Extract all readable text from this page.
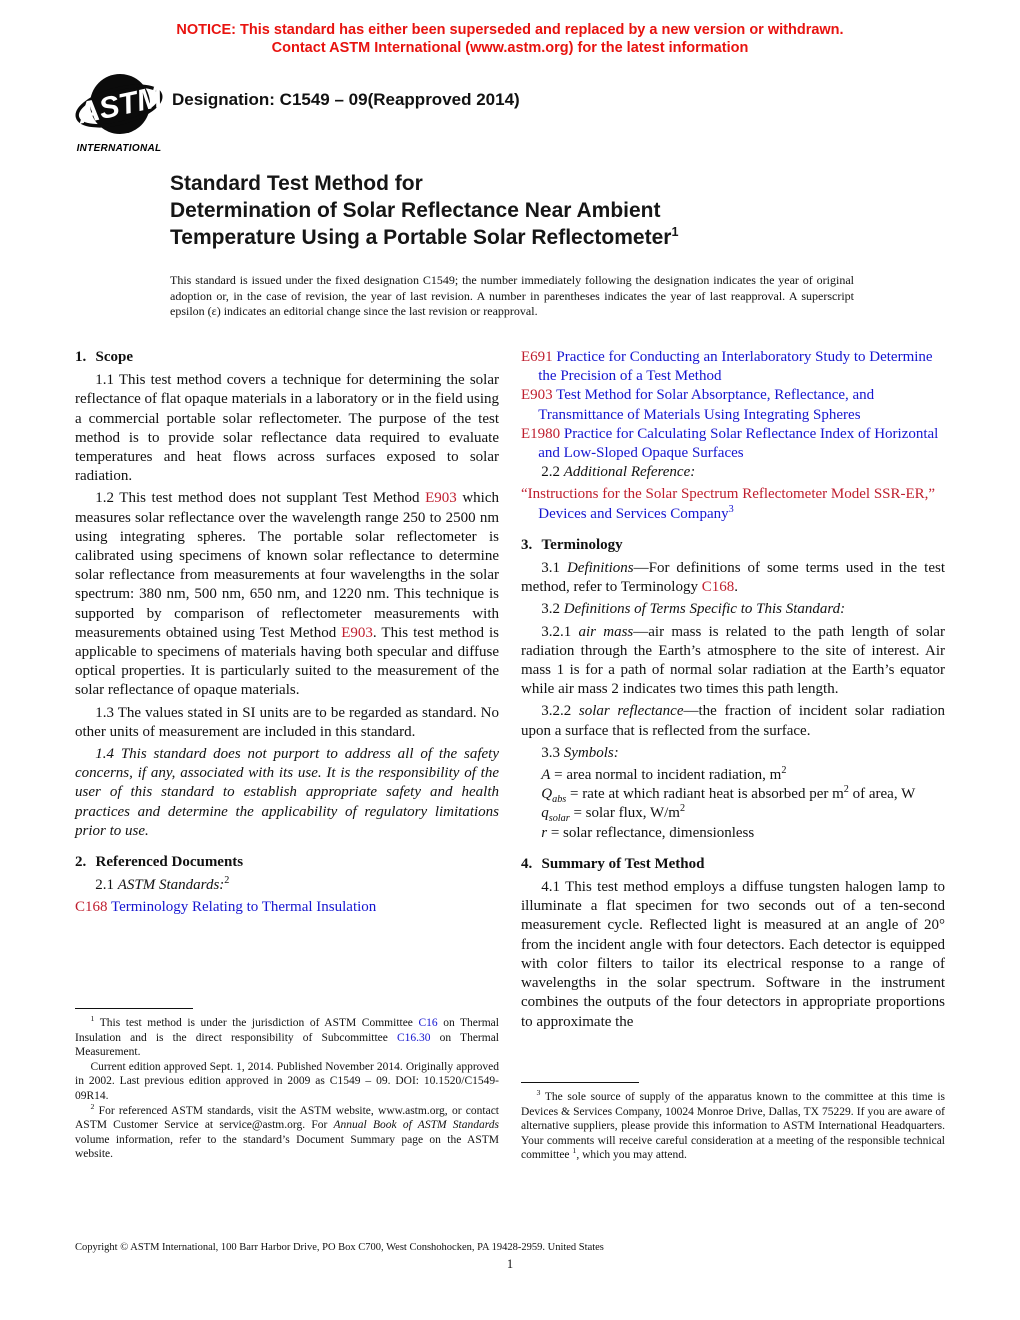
NOTICE: This standard has either been superseded and replaced by a new version or withdrawn.
Contact ASTM International (www.astm.org) for the latest information
ASTM
INTERNATIONAL
Designation: C1549 – 09(Reapproved 2014)
Standard Test Method for
Determination of Solar Reflectance Near Ambient
Temperature Using a Portable Solar Reflectometer$^1$
This standard is issued under the fixed designation C1549; the number immediately following the designation indicates the year of original adoption or, in the case of revision, the year of last revision. A number in parentheses indicates the year of last reapproval. A superscript epsilon (ε) indicates an editorial change since the last revision or reapproval.
1. Scope

1.1 This test method covers a technique for determining the solar reflectance of flat opaque materials in a laboratory or in the field using a commercial portable solar reflectometer. The purpose of the test method is to provide solar reflectance data required to evaluate temperatures and heat flows across surfaces exposed to solar radiation.

1.2 This test method does not supplant Test Method E903 which measures solar reflectance over the wavelength range 250 to 2500 nm using integrating spheres. The portable solar reflectometer is calibrated using specimens of known solar reflectance to determine solar reflectance from measurements at four wavelengths in the solar spectrum: 380 nm, 500 nm, 650 nm, and 1220 nm. This technique is supported by comparison of reflectometer measurements with measurements obtained using Test Method E903. This test method is applicable to specimens of materials having both specular and diffuse optical properties. It is particularly suited to the measurement of the solar reflectance of opaque materials.

1.3 The values stated in SI units are to be regarded as standard. No other units of measurement are included in this standard.

1.4 This standard does not purport to address all of the safety concerns, if any, associated with its use. It is the responsibility of the user of this standard to establish appropriate safety and health practices and determine the applicability of regulatory limitations prior to use.

2. Referenced Documents

2.1 ASTM Standards:$^2$

C168 Terminology Relating to Thermal Insulation

E691 Practice for Conducting an Interlaboratory Study to Determine the Precision of a Test Method

E903 Test Method for Solar Absorptance, Reflectance, and Transmittance of Materials Using Integrating Spheres

E1980 Practice for Calculating Solar Reflectance Index of Horizontal and Low-Sloped Opaque Surfaces

2.2 Additional Reference:

“Instructions for the Solar Spectrum Reflectometer Model SSR-ER,” Devices and Services Company$^3$

3. Terminology

3.1 Definitions—For definitions of some terms used in the test method, refer to Terminology C168.

3.2 Definitions of Terms Specific to This Standard:

3.2.1 air mass—air mass is related to the path length of solar radiation through the Earth’s atmosphere to the site of interest. Air mass 1 is for a path of normal solar radiation at the Earth’s equator while air mass 2 indicates two times this path length.

3.2.2 solar reflectance—the fraction of incident solar radiation upon a surface that is reflected from the surface.

3.3 Symbols:

A = area normal to incident radiation, $m^2$

$Q_{abs}$ = rate at which radiant heat is absorbed per $m^2$ of area, W

$q_{solar}$ = solar flux, $W/m^2$

r = solar reflectance, dimensionless

4. Summary of Test Method

4.1 This test method employs a diffuse tungsten halogen lamp to illuminate a flat specimen for two seconds out of a ten-second measurement cycle. Reflected light is measured at an angle of 20° from the incident angle with four detectors. Each detector is equipped with color filters to tailor its electrical response to a range of wavelengths in the solar spectrum. Software in the instrument combines the outputs of the four detectors in appropriate proportions to approximate the

$^1$ This test method is under the jurisdiction of ASTM Committee C16 on Thermal Insulation and is the direct responsibility of Subcommittee C16.30 on Thermal Measurement.

Current edition approved Sept. 1, 2014. Published November 2014. Originally approved in 2002. Last previous edition approved in 2009 as C1549 – 09. DOI: 10.1520/C1549-09R14.

$^2$ For referenced ASTM standards, visit the ASTM website, www.astm.org, or contact ASTM Customer Service at service@astm.org. For Annual Book of ASTM Standards volume information, refer to the standard’s Document Summary page on the ASTM website.

$^3$ The sole source of supply of the apparatus known to the committee at this time is Devices & Services Company, 10024 Monroe Drive, Dallas, TX 75229. If you are aware of alternative suppliers, please provide this information to ASTM International Headquarters. Your comments will receive careful consideration at a meeting of the responsible technical committee $^1$, which you may attend.

Copyright © ASTM International, 100 Barr Harbor Drive, PO Box C700, West Conshohocken, PA 19428-2959. United States
1
